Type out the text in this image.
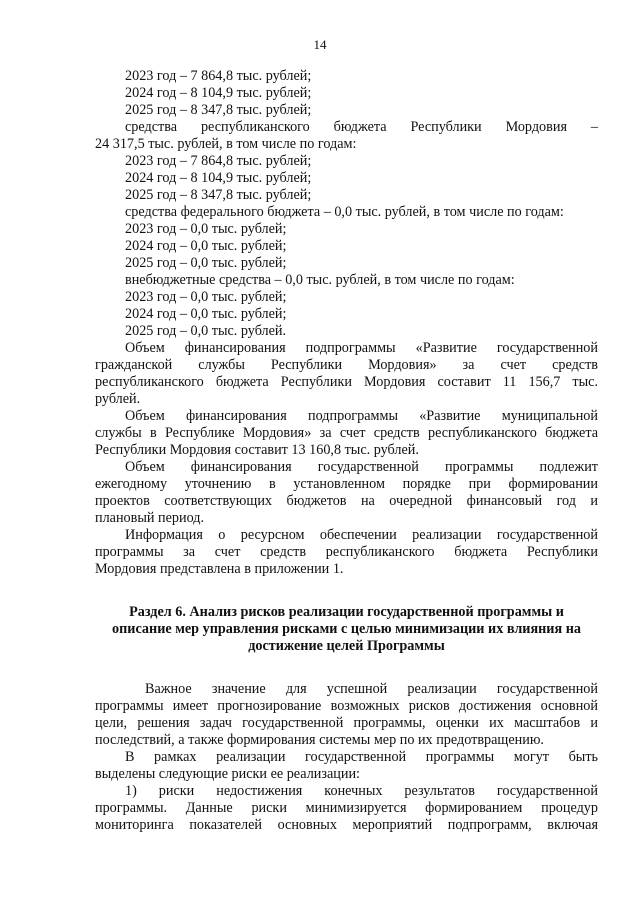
14
2023 год – 7 864,8 тыс. рублей;
2024 год – 8 104,9 тыс. рублей;
2025 год – 8 347,8 тыс. рублей;
средства республиканского бюджета Республики Мордовия –
24 317,5 тыс. рублей, в том числе по годам:
2023 год – 7 864,8 тыс. рублей;
2024 год – 8 104,9 тыс. рублей;
2025 год – 8 347,8 тыс. рублей;
средства федерального бюджета – 0,0 тыс. рублей, в том числе по годам:
2023 год – 0,0 тыс. рублей;
2024 год – 0,0 тыс. рублей;
2025 год – 0,0 тыс. рублей;
внебюджетные средства – 0,0 тыс. рублей, в том числе по годам:
2023 год – 0,0 тыс. рублей;
2024 год – 0,0 тыс. рублей;
2025 год – 0,0 тыс. рублей.
Объем финансирования подпрограммы «Развитие государственной
гражданской службы Республики Мордовия» за счет средств
республиканского бюджета Республики Мордовия составит 11 156,7 тыс.
рублей.
Объем финансирования подпрограммы «Развитие муниципальной
службы в Республике Мордовия» за счет средств республиканского бюджета
Республики Мордовия составит 13 160,8 тыс. рублей.
Объем финансирования государственной программы подлежит
ежегодному уточнению в установленном порядке при формировании
проектов соответствующих бюджетов на очередной финансовый год и
плановый период.
Информация о ресурсном обеспечении реализации государственной
программы за счет средств республиканского бюджета Республики
Мордовия представлена в приложении 1.
Раздел 6. Анализ рисков реализации государственной программы и
описание мер управления рисками с целью минимизации их влияния на
достижение целей Программы
Важное значение для успешной реализации государственной
программы имеет прогнозирование возможных рисков достижения основной
цели, решения задач государственной программы, оценки их масштабов и
последствий, а также формирования системы мер по их предотвращению.
В рамках реализации государственной программы могут быть
выделены следующие риски ее реализации:
1) риски недостижения конечных результатов государственной
программы. Данные риски минимизируется формированием процедур
мониторинга показателей основных мероприятий подпрограмм, включая
